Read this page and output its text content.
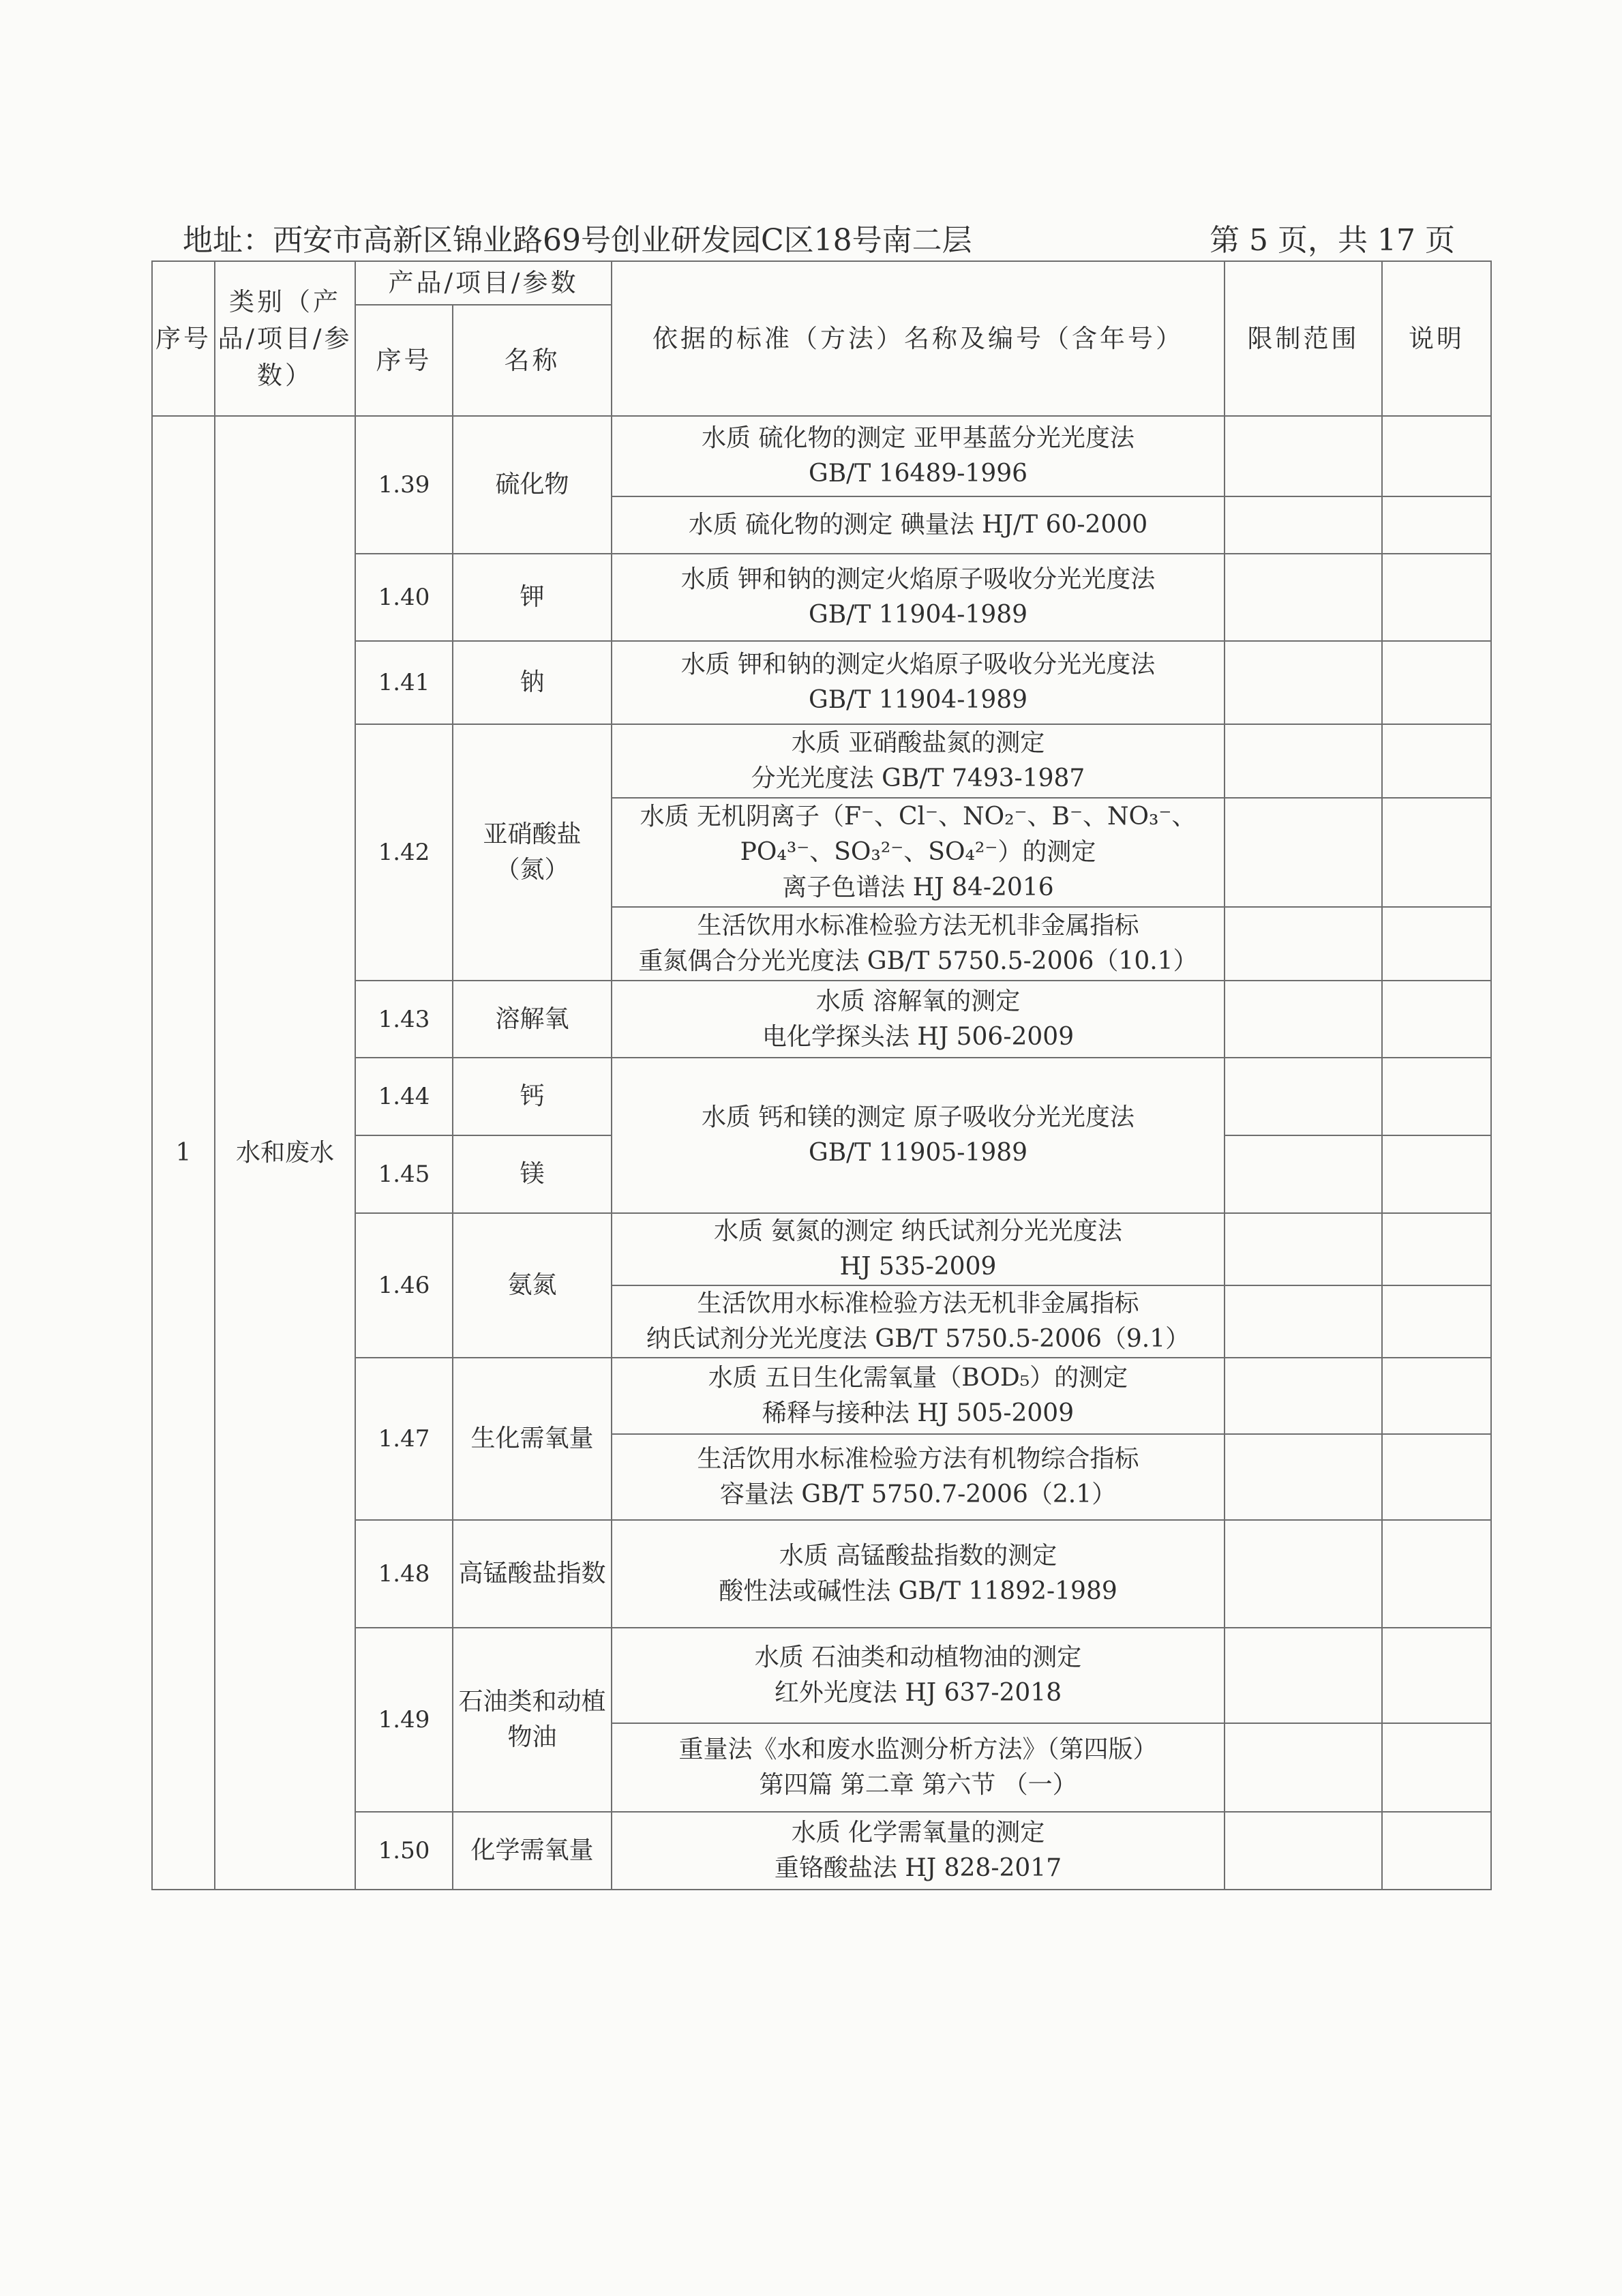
地址：西安市高新区锦业路69号创业研发园C区18号南二层	第 5 页，共 17 页
序号	类别（产品/项目/参数）	产品/项目/参数		依据的标准（方法）名称及编号（含年号）	限制范围	说明
		序号	名称			
1	水和废水	1.39	硫化物	水质 硫化物的测定 亚甲基蓝分光光度法
GB/T 16489-1996		

				水质 硫化物的测定 碘量法 HJ/T 60-2000		

		1.40	钾	水质 钾和钠的测定火焰原子吸收分光光度法
GB/T 11904-1989		

		1.41	钠	水质 钾和钠的测定火焰原子吸收分光光度法
GB/T 11904-1989		

		1.42	亚硝酸盐（氮）	水质 亚硝酸盐氮的测定
分光光度法 GB/T 7493-1987		

				水质 无机阴离子（F⁻、Cl⁻、NO₂⁻、B⁻、NO₃⁻、
PO₄³⁻、SO₃²⁻、SO₄²⁻）的测定
离子色谱法 HJ 84-2016		

				生活饮用水标准检验方法无机非金属指标
重氮偶合分光光度法 GB/T 5750.5-2006（10.1）		

		1.43	溶解氧	水质 溶解氧的测定
电化学探头法 HJ 506-2009		

		1.44	钙	水质 钙和镁的测定 原子吸收分光光度法
GB/T 11905-1989		

		1.45	镁			
		1.46	氨氮	水质 氨氮的测定 纳氏试剂分光光度法
HJ 535-2009		

				生活饮用水标准检验方法无机非金属指标
纳氏试剂分光光度法 GB/T 5750.5-2006（9.1）		

		1.47	生化需氧量	水质 五日生化需氧量（BOD₅）的测定
稀释与接种法 HJ 505-2009		

				生活饮用水标准检验方法有机物综合指标
容量法 GB/T 5750.7-2006（2.1）		

		1.48	高锰酸盐指数	水质 高锰酸盐指数的测定
酸性法或碱性法 GB/T 11892-1989		

		1.49	石油类和动植物油	水质 石油类和动植物油的测定
红外光度法 HJ 637-2018		

				重量法《水和废水监测分析方法》（第四版）
第四篇 第二章 第六节 （一）		

		1.50	化学需氧量	水质 化学需氧量的测定
重铬酸盐法 HJ 828-2017		
